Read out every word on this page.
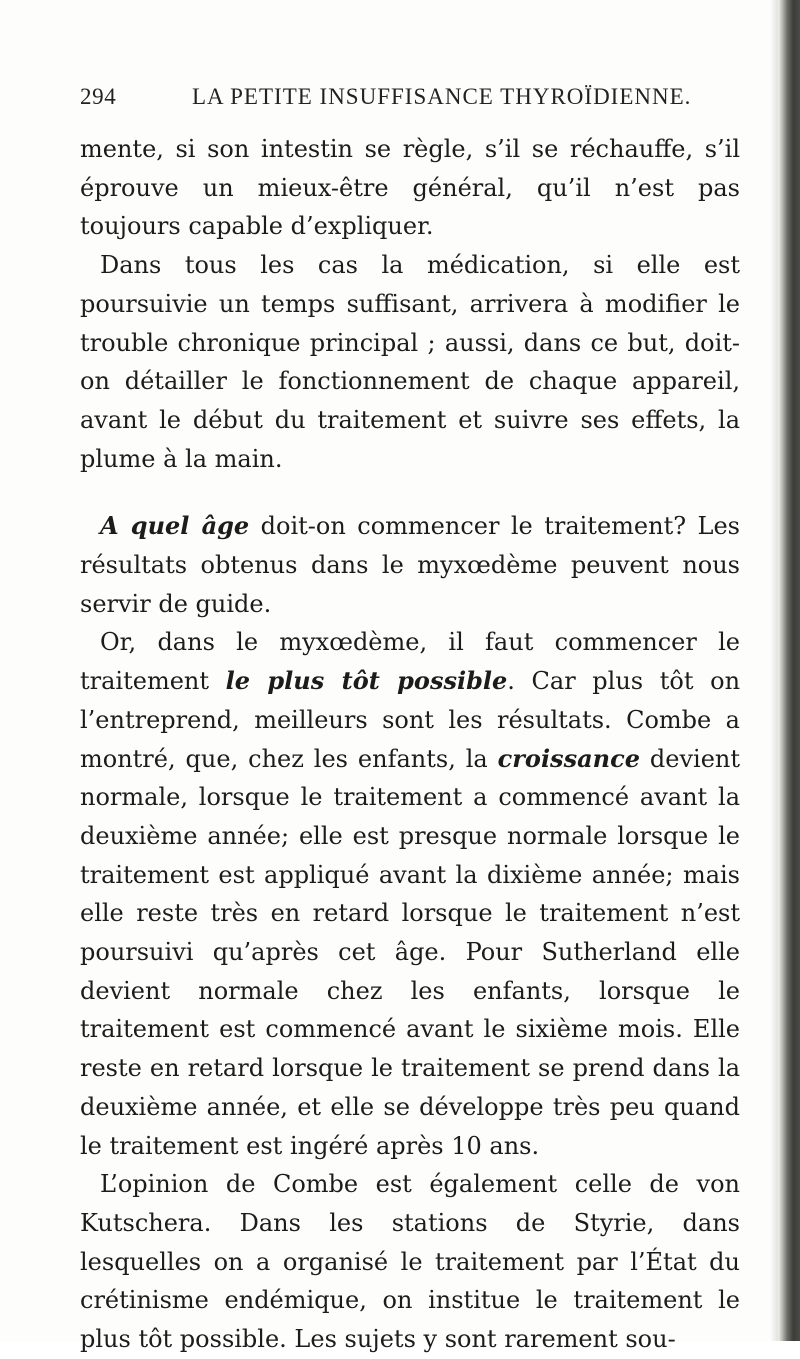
294	LA PETITE INSUFFISANCE THYROÏDIENNE.

mente, si son intestin se règle, s’il se réchauffe, s’il éprouve un mieux-être général, qu’il n’est pas toujours capable d’expliquer.

Dans tous les cas la médication, si elle est poursuivie un temps suffisant, arrivera à modifier le trouble chronique principal ; aussi, dans ce but, doit-on détailler le fonctionnement de chaque appareil, avant le début du traitement et suivre ses effets, la plume à la main.

A quel âge doit-on commencer le traitement? Les résultats obtenus dans le myxœdème peuvent nous servir de guide.

Or, dans le myxœdème, il faut commencer le traitement le plus tôt possible. Car plus tôt on l’entreprend, meilleurs sont les résultats. Combe a montré, que, chez les enfants, la croissance devient normale, lorsque le traitement a commencé avant la deuxième année; elle est presque normale lorsque le traitement est appliqué avant la dixième année; mais elle reste très en retard lorsque le traitement n’est poursuivi qu’après cet âge. Pour Sutherland elle devient normale chez les enfants, lorsque le traitement est commencé avant le sixième mois. Elle reste en retard lorsque le traitement se prend dans la deuxième année, et elle se développe très peu quand le traitement est ingéré après 10 ans.

L’opinion de Combe est également celle de von Kutschera. Dans les stations de Styrie, dans lesquelles on a organisé le traitement par l’État du crétinisme endémique, on institue le traitement le plus tôt possible. Les sujets y sont rarement sou-
